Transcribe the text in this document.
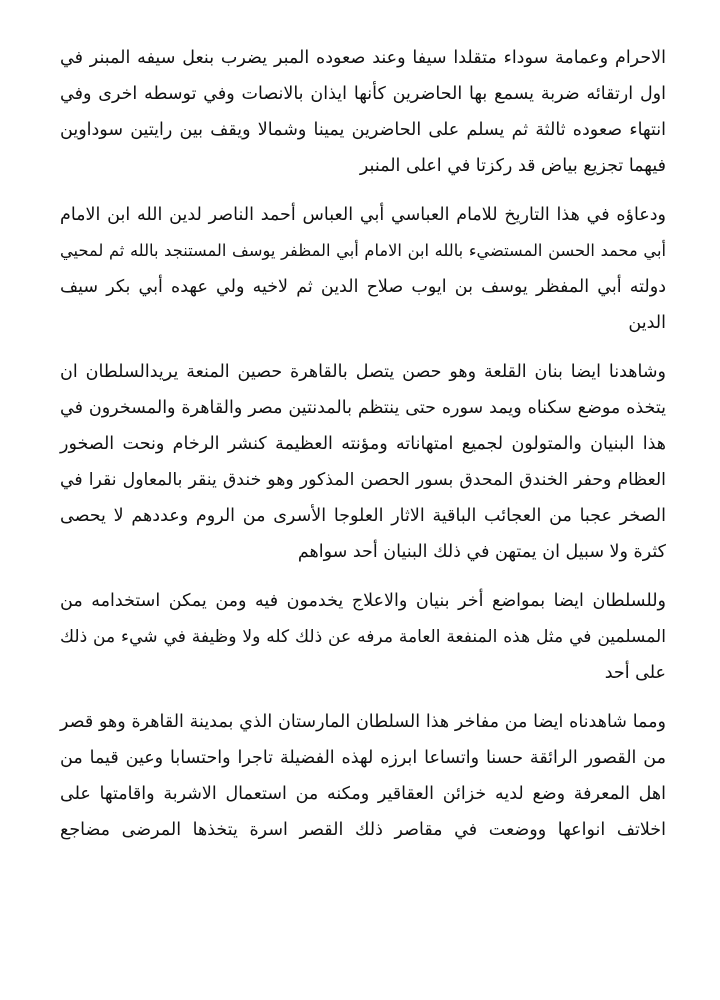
الاحرام وعمامة سوداء متقلدا سيفا وعند صعوده المبر يضرب بنعل سيفه المبنر في
اول ارتقائه ضربة يسمع بها الحاضرين كأنها ايذان بالانصات وفي توسطه اخرى وفي
انتهاء صعوده ثالثة ثم يسلم على الحاضرين يمينا وشمالا ويقف بين رايتين سوداوين
فيهما تجزيع بياض قد ركزتا في اعلى المنبر
ودعاؤه في هذا التاريخ للامام العباسي أبي العباس أحمد الناصر لدين الله ابن الامام
أبي محمد الحسن المستضيء بالله ابن الامام أبي المظفر يوسف المستنجد بالله ثم لمحيي
دولته أبي المفظر يوسف بن ايوب صلاح الدين ثم لاخيه ولي عهده أبي بكر سيف
الدين
وشاهدنا ايضا بنان القلعة وهو حصن يتصل بالقاهرة حصين المنعة يريدالسلطان ان
يتخذه موضع سكناه ويمد سوره حتى ينتظم بالمدنتين مصر والقاهرة والمسخرون في
هذا البنيان والمتولون لجميع امتهاناته ومؤنته العظيمة كنشر الرخام ونحت الصخور
العظام وحفر الخندق المحدق بسور الحصن المذكور وهو خندق ينقر بالمعاول نقرا في
الصخر عجبا من العجائب الباقية الاثار العلوجا الأسرى من الروم وعددهم لا يحصى
كثرة ولا سبيل ان يمتهن في ذلك البنيان أحد سواهم
وللسلطان ايضا بمواضع أخر بنيان والاعلاج يخدمون فيه ومن يمكن استخدامه من
المسلمين في مثل هذه المنفعة العامة مرفه عن ذلك كله ولا وظيفة في شيء من ذلك
على أحد
ومما شاهدناه ايضا من مفاخر هذا السلطان المارستان الذي بمدينة القاهرة وهو قصر
من القصور الرائقة حسنا واتساعا ابرزه لهذه الفضيلة تاجرا واحتسابا وعين قيما من
اهل المعرفة وضع لديه خزائن العقاقير ومكنه من استعمال الاشربة واقامتها على
اخلاتف انواعها ووضعت في مقاصر ذلك القصر اسرة يتخذها المرضى مضاجع
